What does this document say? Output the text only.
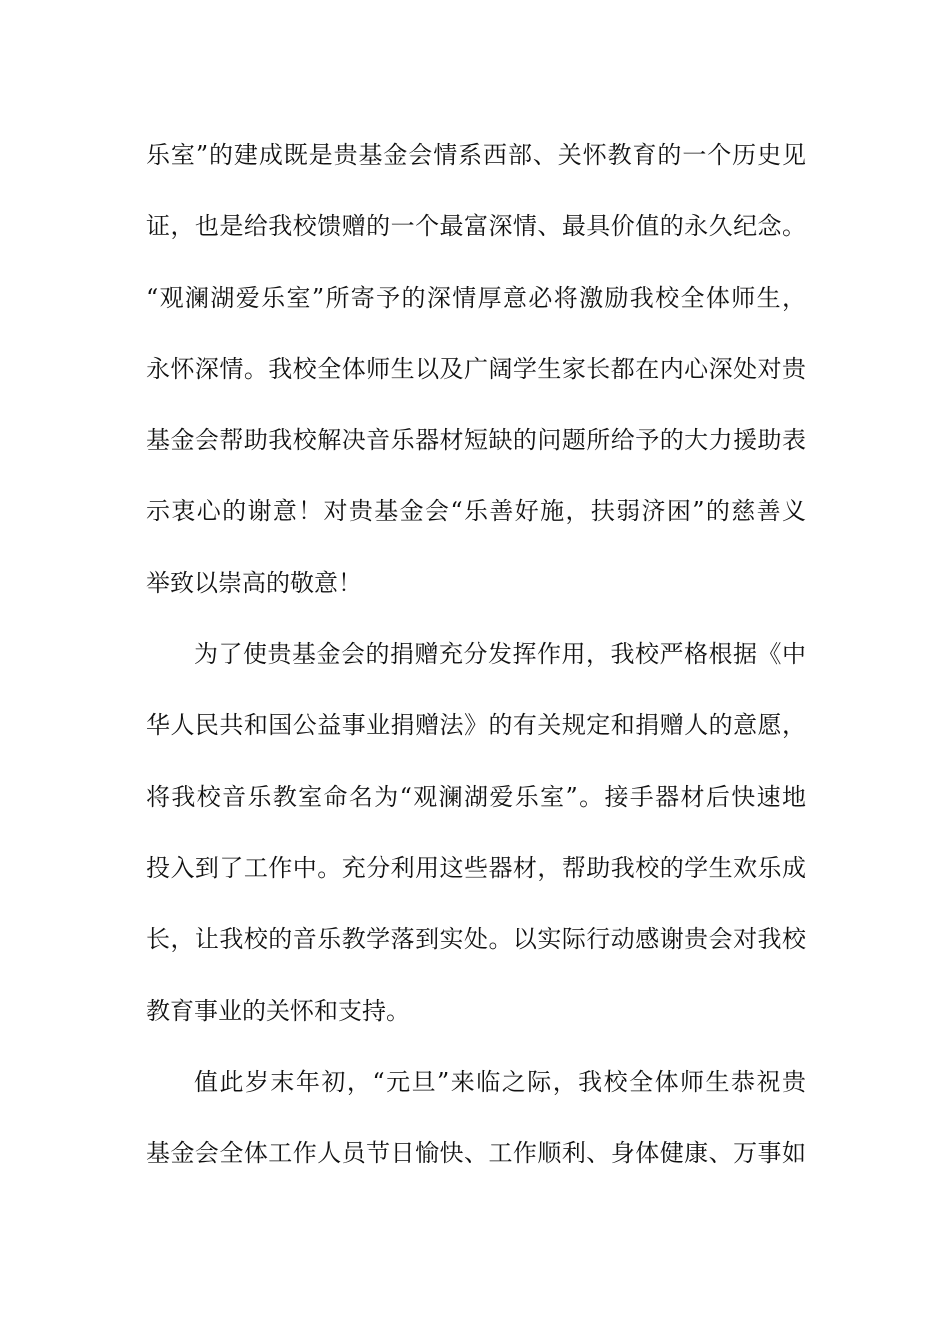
乐室”的建成既是贵基金会情系西部、关怀教育的一个历史见
证，也是给我校馈赠的一个最富深情、最具价值的永久纪念。
“观澜湖爱乐室”所寄予的深情厚意必将激励我校全体师生，
永怀深情。我校全体师生以及广阔学生家长都在内心深处对贵
基金会帮助我校解决音乐器材短缺的问题所给予的大力援助表
示衷心的谢意！对贵基金会“乐善好施，扶弱济困”的慈善义
举致以崇高的敬意！
为了使贵基金会的捐赠充分发挥作用，我校严格根据《中
华人民共和国公益事业捐赠法》的有关规定和捐赠人的意愿，
将我校音乐教室命名为“观澜湖爱乐室”。接手器材后快速地
投入到了工作中。充分利用这些器材，帮助我校的学生欢乐成
长，让我校的音乐教学落到实处。以实际行动感谢贵会对我校
教育事业的关怀和支持。
值此岁末年初，“元旦”来临之际，我校全体师生恭祝贵
基金会全体工作人员节日愉快、工作顺利、身体健康、万事如
